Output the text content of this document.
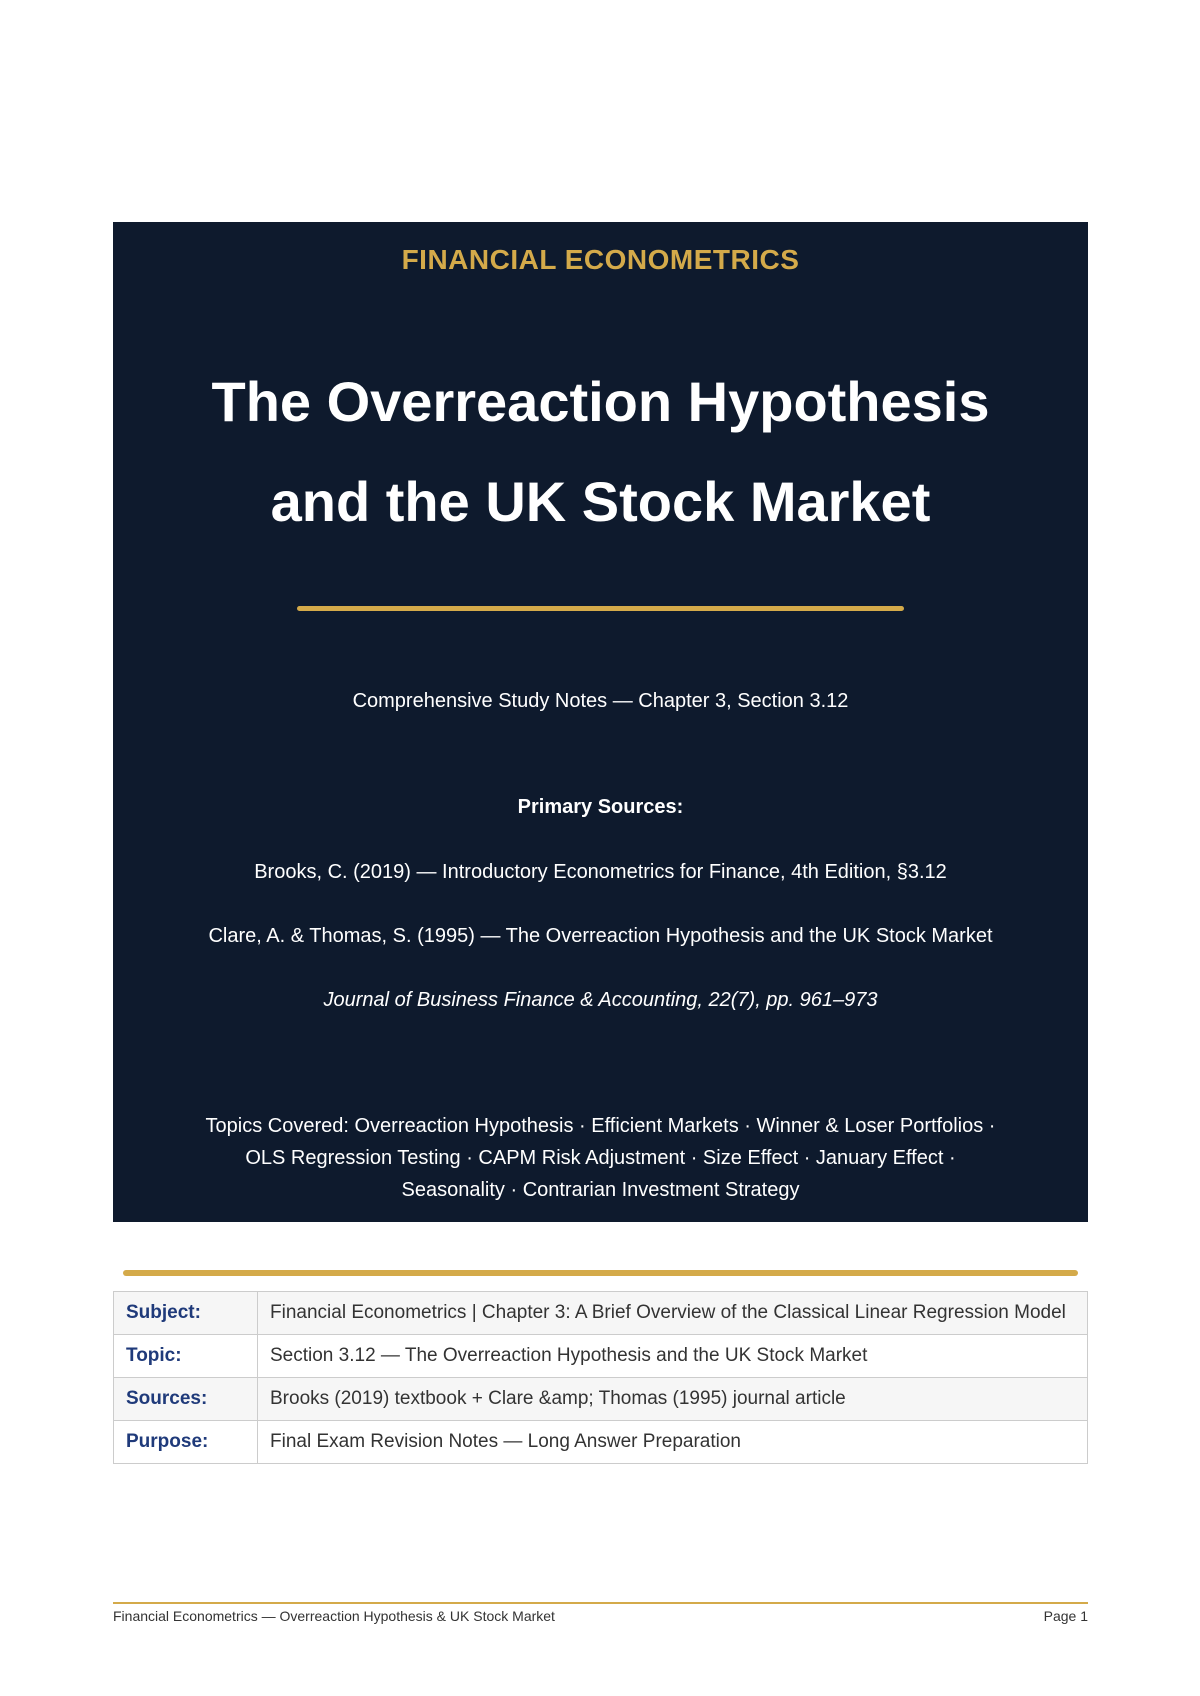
FINANCIAL ECONOMETRICS
The Overreaction Hypothesis
and the UK Stock Market
Comprehensive Study Notes — Chapter 3, Section 3.12
Primary Sources:
Brooks, C. (2019) — Introductory Econometrics for Finance, 4th Edition, §3.12
Clare, A. & Thomas, S. (1995) — The Overreaction Hypothesis and the UK Stock Market
Journal of Business Finance & Accounting, 22(7), pp. 961–973
Topics Covered: Overreaction Hypothesis · Efficient Markets · Winner & Loser Portfolios ·
OLS Regression Testing · CAPM Risk Adjustment · Size Effect · January Effect ·
Seasonality · Contrarian Investment Strategy
Subject:	Financial Econometrics | Chapter 3: A Brief Overview of the Classical Linear Regression Model
Topic:	Section 3.12 — The Overreaction Hypothesis and the UK Stock Market
Sources:	Brooks (2019) textbook + Clare &amp; Thomas (1995) journal article
Purpose:	Final Exam Revision Notes — Long Answer Preparation
Financial Econometrics — Overreaction Hypothesis & UK Stock Market	Page 1
